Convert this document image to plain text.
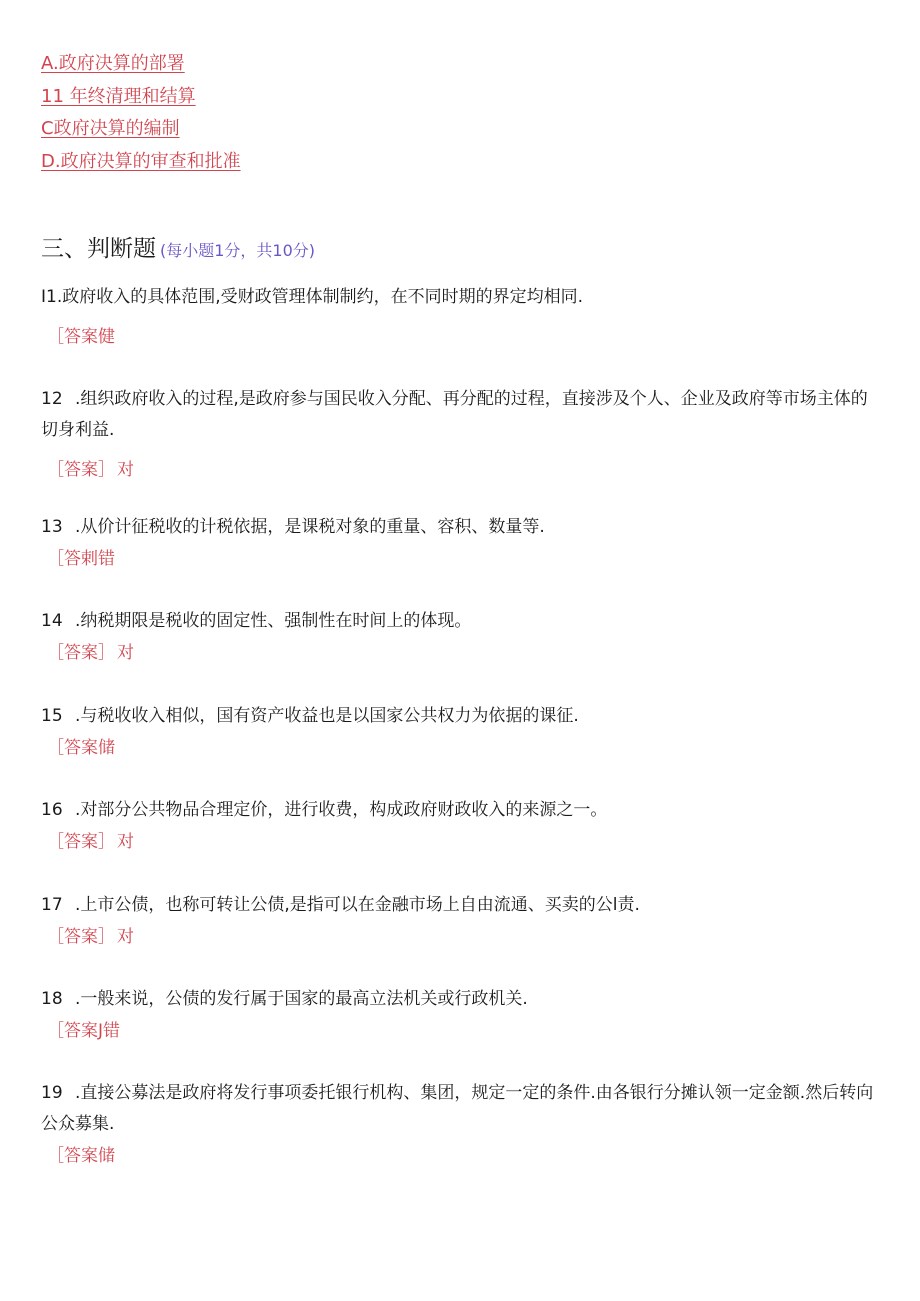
A.政府决算的部署
11 年终清理和结算
C政府决算的编制
D.政府决算的审查和批准
三、判断题 (每小题1分，共10分)
I1.政府收入的具体范围,受财政管理体制制约，在不同时期的界定均相同.
［答案健
12 .组织政府收入的过程,是政府参与国民收入分配、再分配的过程，直接涉及个人、企业及政府等市场主体的切身利益.
［答案］ 对
13 .从价计征税收的计税依据，是课税对象的重量、容积、数量等.
［答剌错
14 .纳税期限是税收的固定性、强制性在时间上的体现。
［答案］ 对
15 .与税收收入相似，国有资产收益也是以国家公共权力为依据的课征.
［答案储
16 .对部分公共物品合理定价，进行收费，构成政府财政收入的来源之一。
［答案］ 对
17 .上市公债，也称可转让公债,是指可以在金融市场上自由流通、买卖的公l责.
［答案］ 对
18 .一般来说，公债的发行属于国家的最高立法机关或行政机关.
［答案J错
19 .直接公募法是政府将发行事项委托银行机构、集团，规定一定的条件.由各银行分摊认领一定金额.然后转向公众募集.
［答案储
